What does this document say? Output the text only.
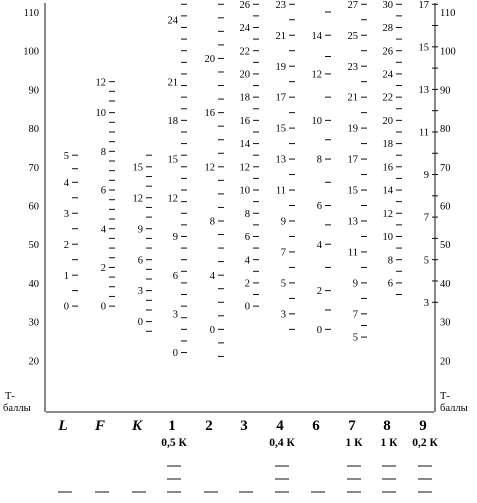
110
100
90
80
70
60
50
40
30
20
Т-
баллы
110
100
90
80
70
60
50
40
30
20
Т-
баллы
5
4
3
2
1
0
12
10
8
6
4
2
0
15
12
9
6
3
0
24
21
18
15
12
9
6
3
0
20
16
12
8
4
0
26
24
22
20
18
16
14
12
10
8
6
4
2
0
23
21
19
17
15
13
11
9
7
5
3
14
12
10
8
6
4
2
0
27
25
23
21
19
17
15
13
11
9
7
5
30
28
26
24
22
20
18
16
14
12
10
8
6
17
15
13
11
9
7
5
3
L F K 1
0,5 К
2 3 4
0,4 К
6 7
1 К
8
1 К
9
0,2 К
